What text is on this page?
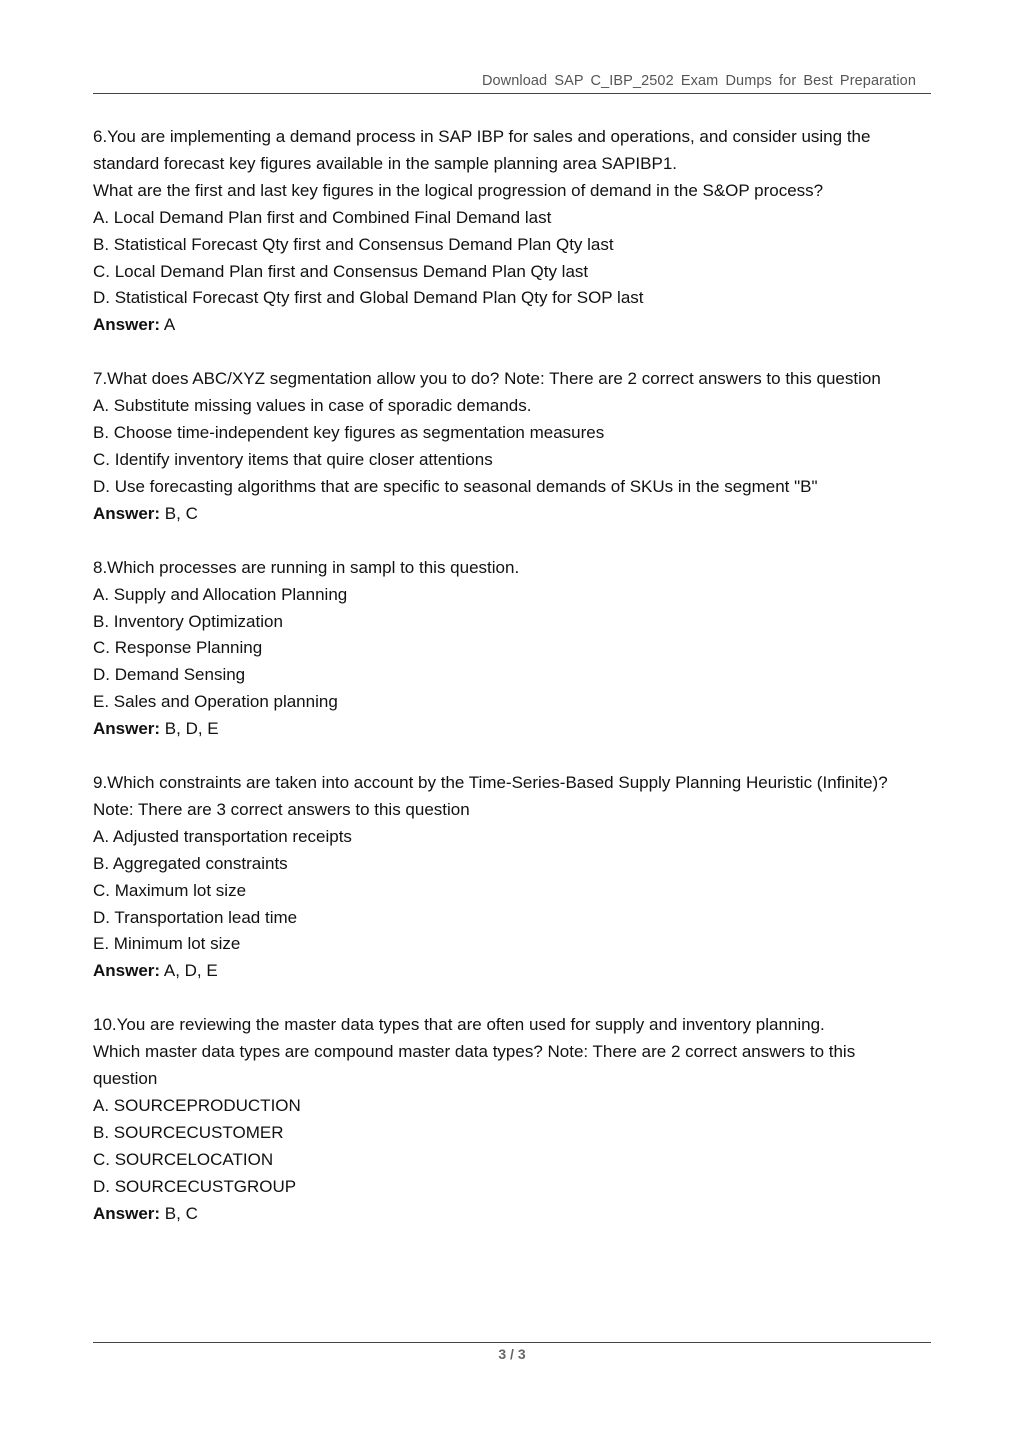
Download SAP C_IBP_2502 Exam Dumps for Best Preparation
6.You are implementing a demand process in SAP IBP for sales and operations, and consider using the
standard forecast key figures available in the sample planning area SAPIBP1.
What are the first and last key figures in the logical progression of demand in the S&OP process?
A. Local Demand Plan first and Combined Final Demand last
B. Statistical Forecast Qty first and Consensus Demand Plan Qty last
C. Local Demand Plan first and Consensus Demand Plan Qty last
D. Statistical Forecast Qty first and Global Demand Plan Qty for SOP last
Answer: A
7.What does ABC/XYZ segmentation allow you to do? Note: There are 2 correct answers to this question
A. Substitute missing values in case of sporadic demands.
B. Choose time-independent key figures as segmentation measures
C. Identify inventory items that quire closer attentions
D. Use forecasting algorithms that are specific to seasonal demands of SKUs in the segment "B"
Answer: B, C
8.Which processes are running in sampl to this question.
A. Supply and Allocation Planning
B. Inventory Optimization
C. Response Planning
D. Demand Sensing
E. Sales and Operation planning
Answer: B, D, E
9.Which constraints are taken into account by the Time-Series-Based Supply Planning Heuristic (Infinite)?
Note: There are 3 correct answers to this question
A. Adjusted transportation receipts
B. Aggregated constraints
C. Maximum lot size
D. Transportation lead time
E. Minimum lot size
Answer: A, D, E
10.You are reviewing the master data types that are often used for supply and inventory planning.
Which master data types are compound master data types? Note: There are 2 correct answers to this
question
A. SOURCEPRODUCTION
B. SOURCECUSTOMER
C. SOURCELOCATION
D. SOURCECUSTGROUP
Answer: B, C
3 / 3
